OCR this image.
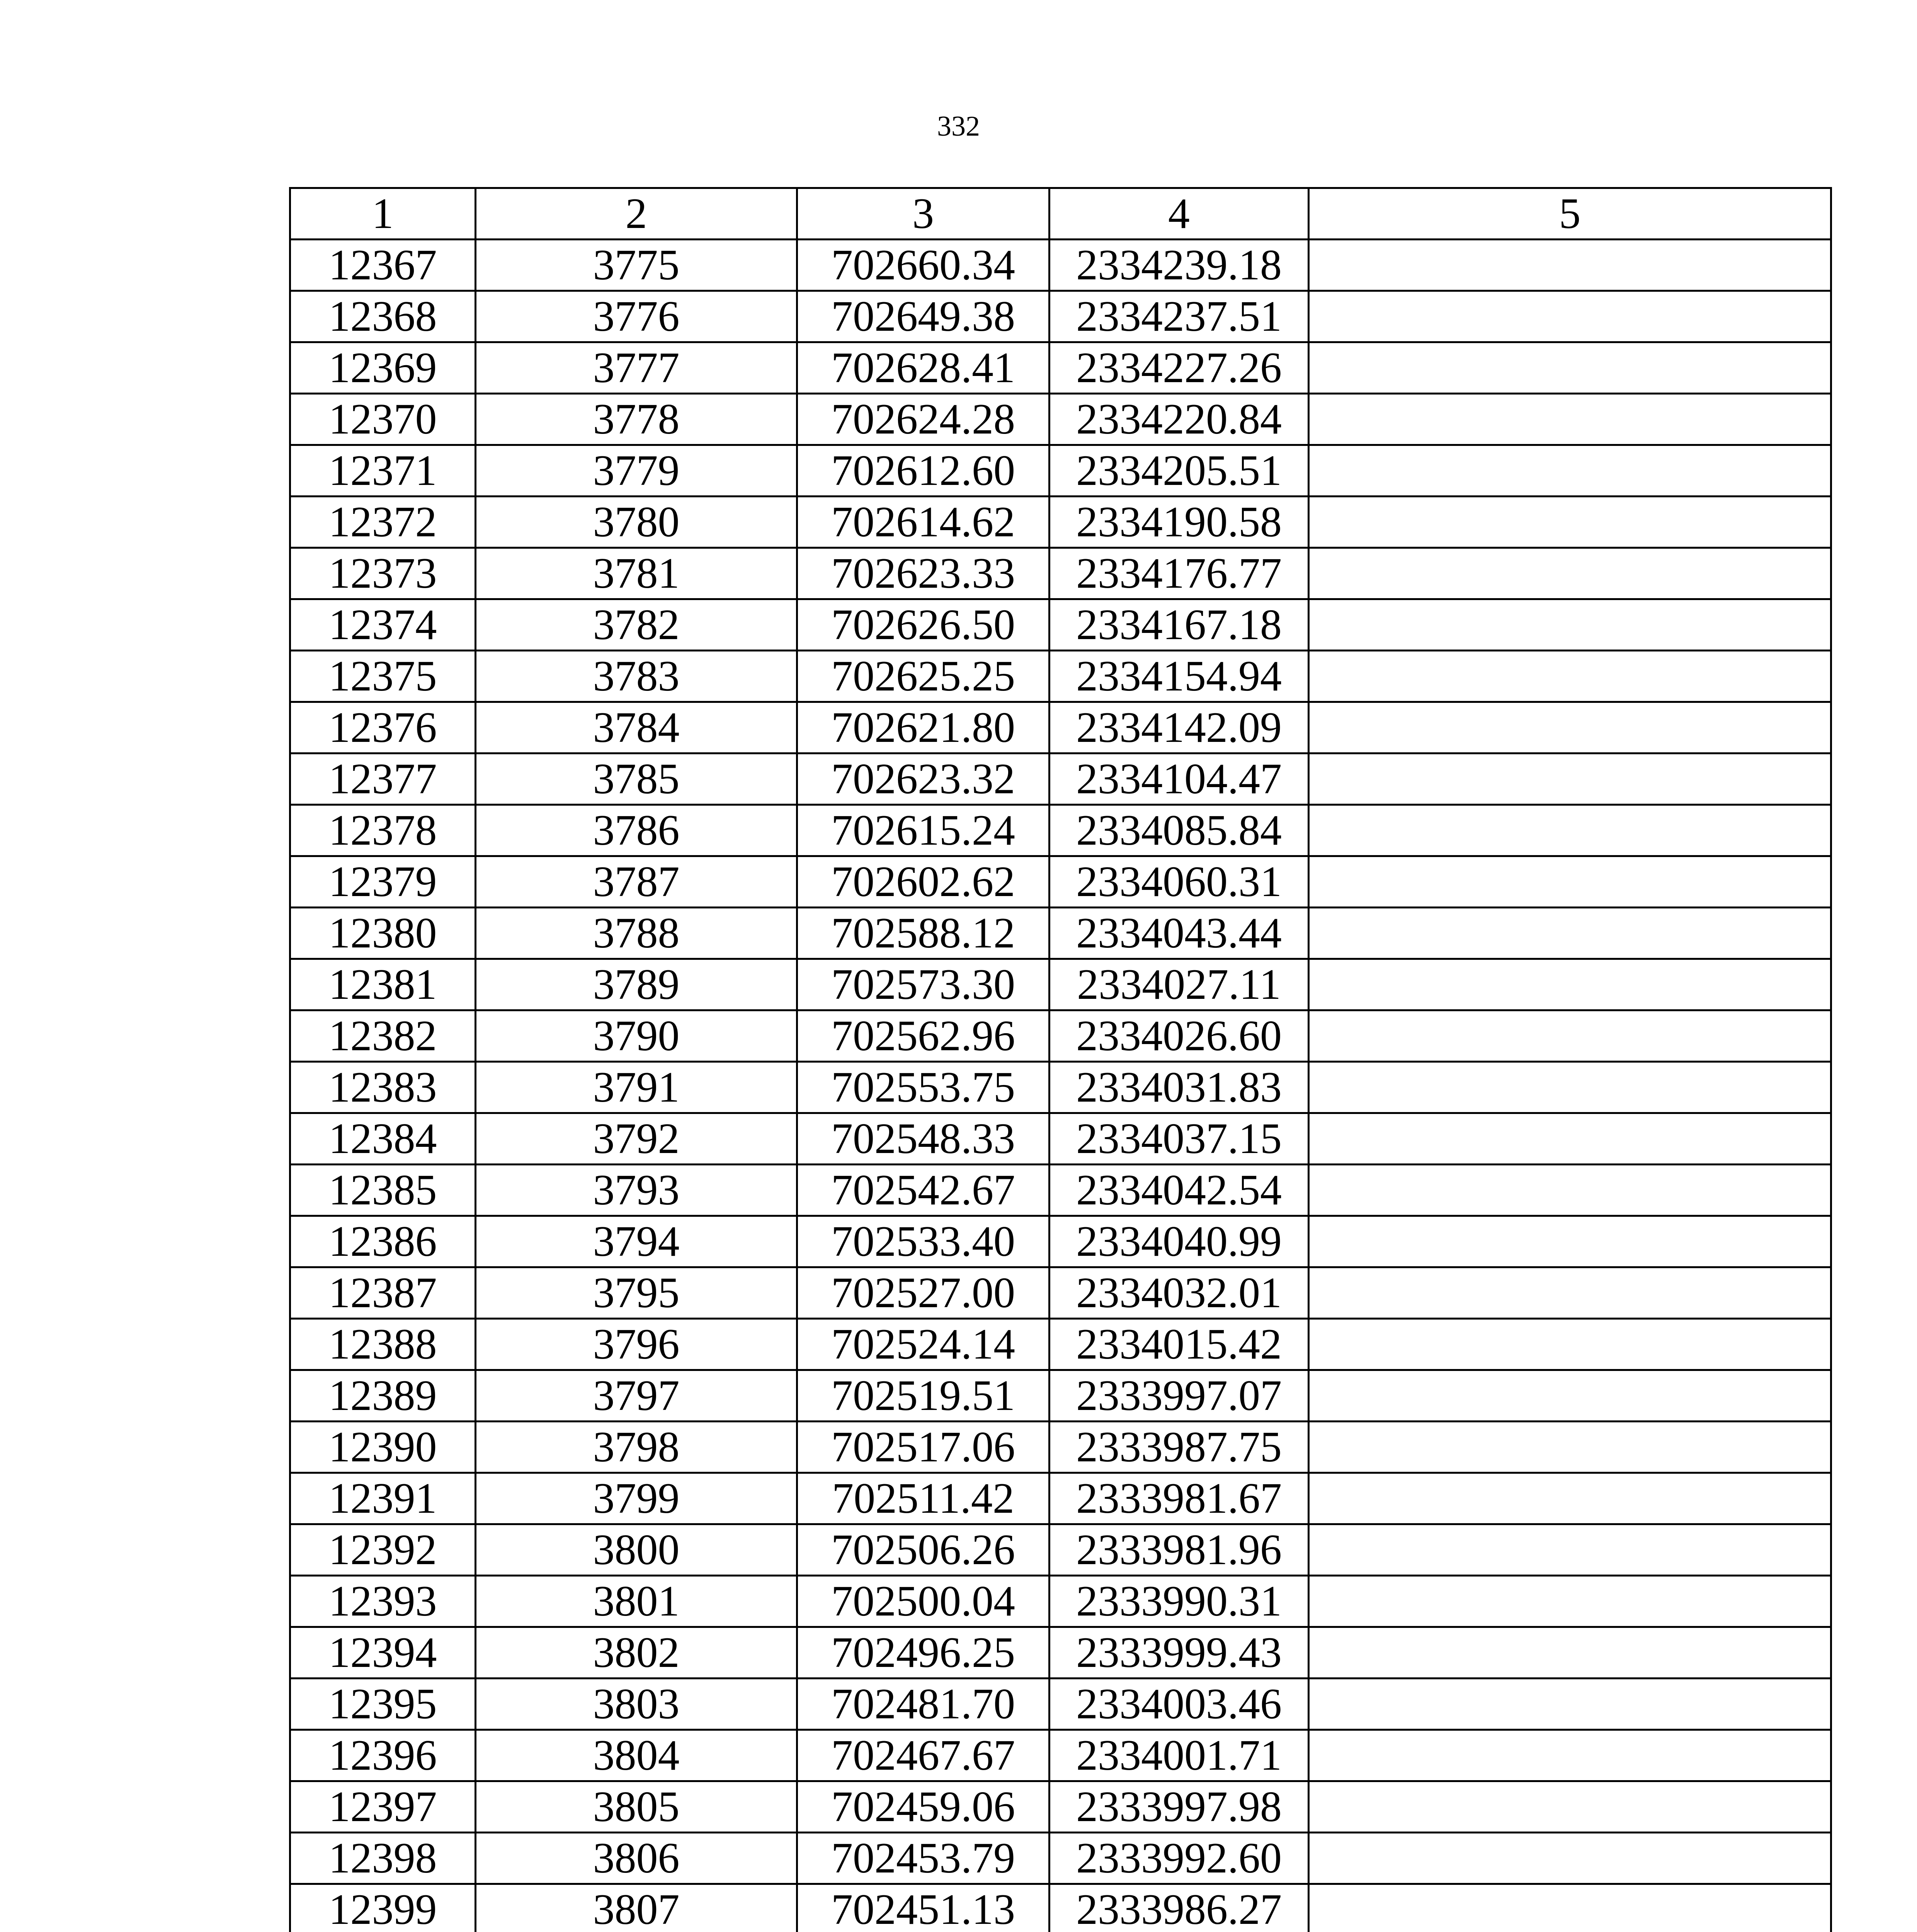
332
1	2	3	4	5
12367	3775	702660.34	2334239.18	
12368	3776	702649.38	2334237.51	
12369	3777	702628.41	2334227.26	
12370	3778	702624.28	2334220.84	
12371	3779	702612.60	2334205.51	
12372	3780	702614.62	2334190.58	
12373	3781	702623.33	2334176.77	
12374	3782	702626.50	2334167.18	
12375	3783	702625.25	2334154.94	
12376	3784	702621.80	2334142.09	
12377	3785	702623.32	2334104.47	
12378	3786	702615.24	2334085.84	
12379	3787	702602.62	2334060.31	
12380	3788	702588.12	2334043.44	
12381	3789	702573.30	2334027.11	
12382	3790	702562.96	2334026.60	
12383	3791	702553.75	2334031.83	
12384	3792	702548.33	2334037.15	
12385	3793	702542.67	2334042.54	
12386	3794	702533.40	2334040.99	
12387	3795	702527.00	2334032.01	
12388	3796	702524.14	2334015.42	
12389	3797	702519.51	2333997.07	
12390	3798	702517.06	2333987.75	
12391	3799	702511.42	2333981.67	
12392	3800	702506.26	2333981.96	
12393	3801	702500.04	2333990.31	
12394	3802	702496.25	2333999.43	
12395	3803	702481.70	2334003.46	
12396	3804	702467.67	2334001.71	
12397	3805	702459.06	2333997.98	
12398	3806	702453.79	2333992.60	
12399	3807	702451.13	2333986.27	
